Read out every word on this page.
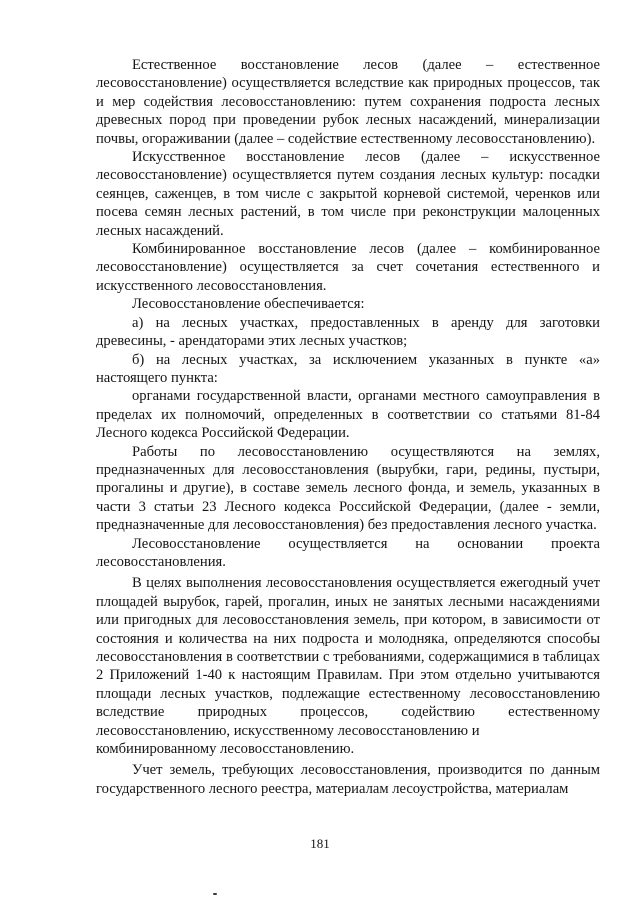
Естественное восстановление лесов (далее – естественное лесовосстановление) осуществляется вследствие как природных процессов, так и мер содействия лесовосстановлению: путем сохранения подроста лесных древесных пород при проведении рубок лесных насаждений, минерализации почвы, огораживании (далее – содействие естественному лесовосстановлению).

Искусственное восстановление лесов (далее – искусственное лесовосстановление) осуществляется путем создания лесных культур: посадки сеянцев, саженцев, в том числе с закрытой корневой системой, черенков или посева семян лесных растений, в том числе при реконструкции малоценных лесных насаждений.

Комбинированное восстановление лесов (далее – комбинированное лесовосстановление) осуществляется за счет сочетания естественного и искусственного лесовосстановления.

Лесовосстановление обеспечивается:

а) на лесных участках, предоставленных в аренду для заготовки древесины, - арендаторами этих лесных участков;

б) на лесных участках, за исключением указанных в пункте «а» настоящего пункта:

органами государственной власти, органами местного самоуправления в пределах их полномочий, определенных в соответствии со статьями 81-84 Лесного кодекса Российской Федерации.

Работы по лесовосстановлению осуществляются на землях, предназначенных для лесовосстановления (вырубки, гари, редины, пустыри, прогалины и другие), в составе земель лесного фонда, и земель, указанных в части 3 статьи 23 Лесного кодекса Российской Федерации, (далее - земли, предназначенные для лесовосстановления) без предоставления лесного участка.

Лесовосстановление осуществляется на основании проекта лесовосстановления.

В целях выполнения лесовосстановления осуществляется ежегодный учет площадей вырубок, гарей, прогалин, иных не занятых лесными насаждениями или пригодных для лесовосстановления земель, при котором, в зависимости от состояния и количества на них подроста и молодняка, определяются способы лесовосстановления в соответствии с требованиями, содержащимися в таблицах 2 Приложений 1-40 к настоящим Правилам. При этом отдельно учитываются площади лесных участков, подлежащие естественному лесовосстановлению вследствие природных процессов, содействию естественному лесовосстановлению, искусственному лесовосстановлению и

комбинированному лесовосстановлению.

Учет земель, требующих лесовосстановления, производится по данным государственного лесного реестра, материалам лесоустройства, материалам

181
